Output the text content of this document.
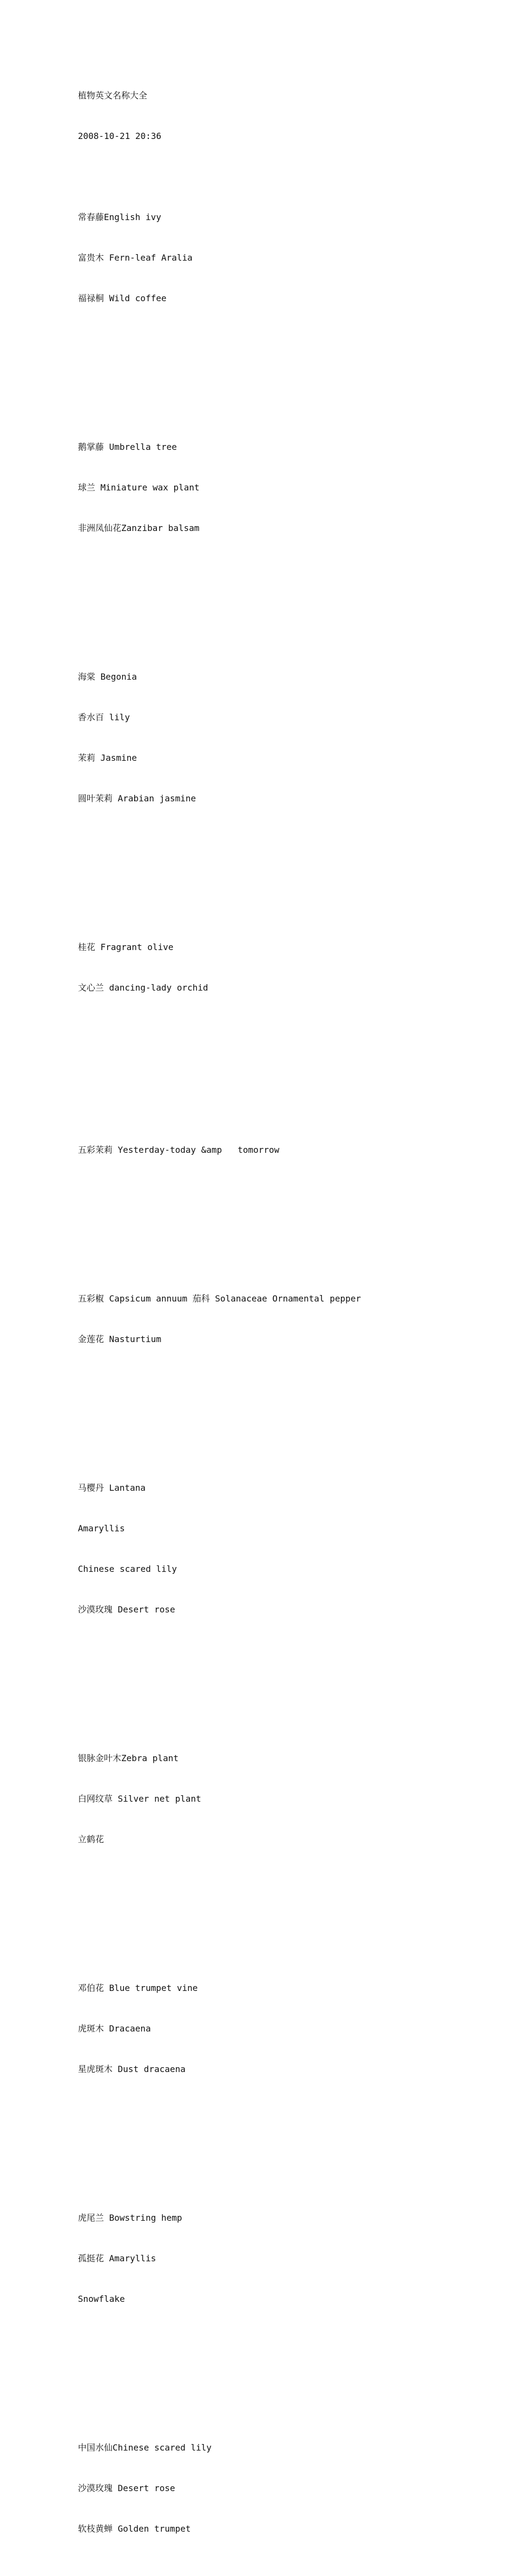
植物英文名称大全

2008-10-21 20:36

常春藤English ivy

富贵木 Fern-leaf Aralia

福禄桐 Wild coffee

鹅掌藤 Umbrella tree

球兰 Miniature wax plant

非洲凤仙花Zanzibar balsam

海棠 Begonia

香水百 lily

茉莉 Jasmine

圆叶茉莉 Arabian jasmine

桂花 Fragrant olive

文心兰 dancing-lady orchid

五彩茉莉 Yesterday-today &amp   tomorrow

五彩椒 Capsicum annuum 茄科 Solanaceae Ornamental pepper

金莲花 Nasturtium

马樱丹 Lantana

Amaryllis

Chinese scared lily

沙漠玫瑰 Desert rose

银脉金叶木Zebra plant

白网纹草 Silver net plant

立鹤花

邓伯花 Blue trumpet vine

虎斑木 Dracaena

星虎斑木 Dust dracaena

虎尾兰 Bowstring hemp

孤挺花 Amaryllis

Snowflake

中国水仙Chinese scared lily

沙漠玫瑰 Desert rose

软枝黄蝉 Golden trumpet
